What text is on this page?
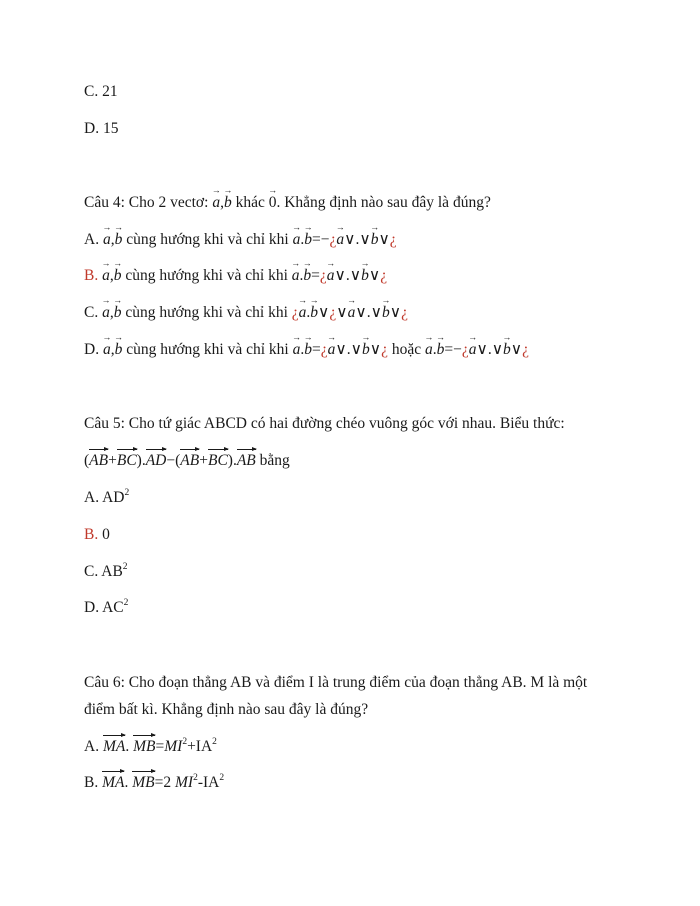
C. 21
D. 15
Câu 4: Cho 2 vectơ: → a,→ b khác → 0. Khẳng định nào sau đây là đúng?
A. → a,→ b cùng hướng khi và chỉ khi → a.→ b=−¿→ a∨.∨→ b∨¿
B. → a,→ b cùng hướng khi và chỉ khi → a.→ b=¿→ a∨.∨→ b∨¿
C. → a,→ b cùng hướng khi và chỉ khi ¿→ a.→ b∨¿∨→ a∨.∨→ b∨¿
D. → a,→ b cùng hướng khi và chỉ khi → a.→ b=¿→ a∨.∨→ b∨¿ hoặc → a.→ b=−¿→ a∨.∨→ b∨¿
Câu 5: Cho tứ giác ABCD có hai đường chéo vuông góc với nhau. Biểu thức:
(AB+BC).AD−(AB+BC).AB bằng
A. $AD^2$
B. 0
C. $AB^2$
D. $AC^2$
Câu 6: Cho đoạn thẳng AB và điểm I là trung điểm của đoạn thẳng AB. M là một
điểm bất kì. Khẳng định nào sau đây là đúng?
A. MA. $MB=MI^2+IA^2$
B. MA. MB=2 $MI^2-IA^2$
